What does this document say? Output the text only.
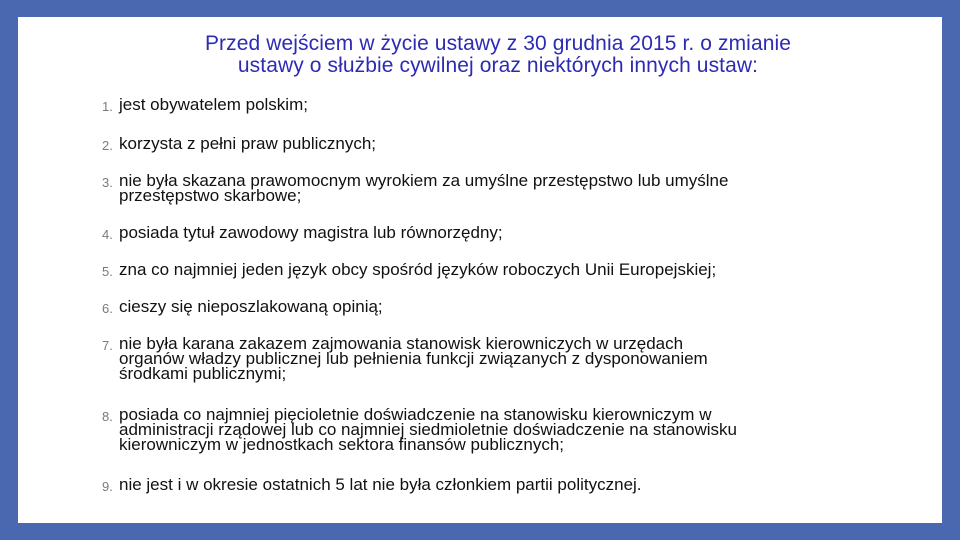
Przed wejściem w życie ustawy z 30 grudnia 2015 r. o zmianie
ustawy o służbie cywilnej oraz niektórych innych ustaw:
1. jest obywatelem polskim;
2. korzysta z pełni praw publicznych;
3. nie była skazana prawomocnym wyrokiem za umyślne przestępstwo lub umyślne
przestępstwo skarbowe;
4. posiada tytuł zawodowy magistra lub równorzędny;
5. zna co najmniej jeden język obcy spośród języków roboczych Unii Europejskiej;
6. cieszy się nieposzlakowaną opinią;
7. nie była karana zakazem zajmowania stanowisk kierowniczych w urzędach
organów władzy publicznej lub pełnienia funkcji związanych z dysponowaniem
środkami publicznymi;
8. posiada co najmniej pięcioletnie doświadczenie na stanowisku kierowniczym w
administracji rządowej lub co najmniej siedmioletnie doświadczenie na stanowisku
kierowniczym w jednostkach sektora finansów publicznych;
9. nie jest i w okresie ostatnich 5 lat nie była członkiem partii politycznej.
